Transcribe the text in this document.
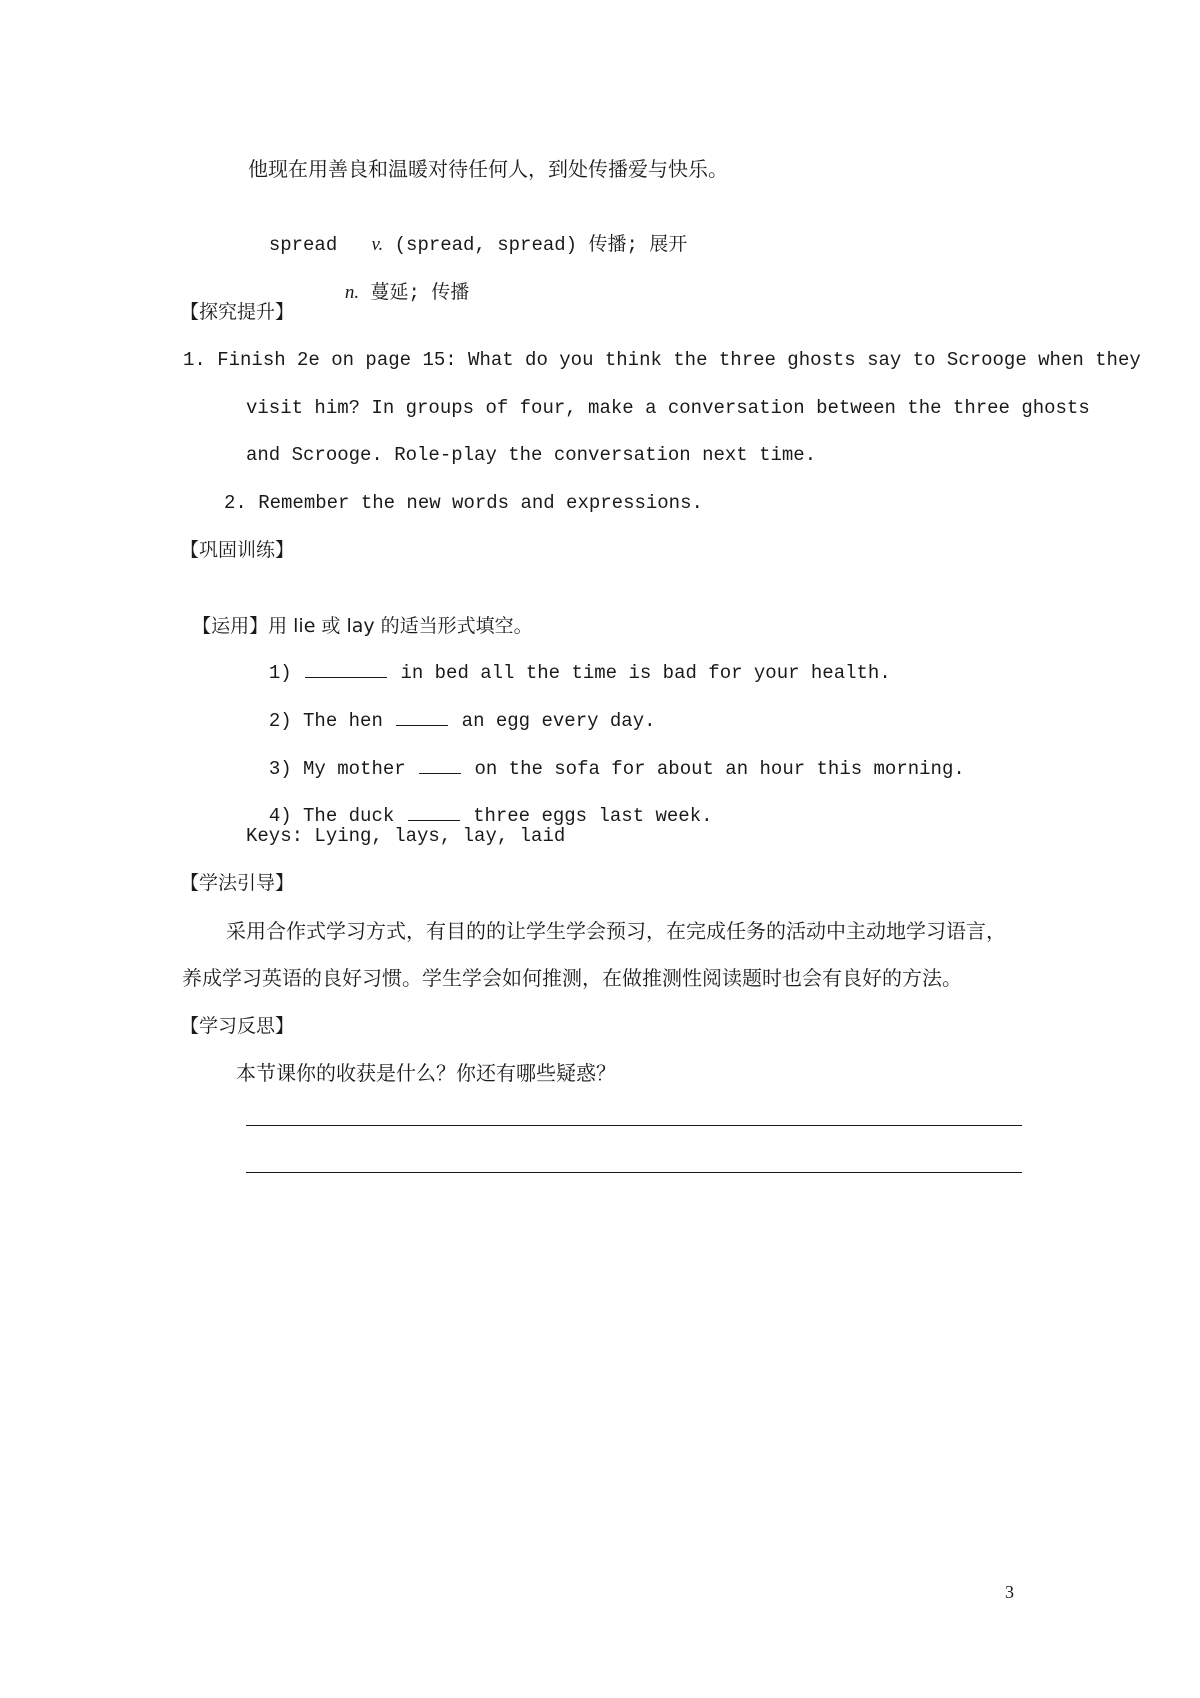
他现在用善良和温暖对待任何人，到处传播爱与快乐。

spread v. (spread, spread) 传播; 展开

n. 蔓延; 传播

【探究提升】
1. Finish 2e on page 15: What do you think the three ghosts say to Scrooge when they
visit him? In groups of four, make a conversation between the three ghosts
and Scrooge. Role-play the conversation next time.
2. Remember the new words and expressions.
【巩固训练】

【运用】用 lie 或 lay 的适当形式填空。

1)	in bed all the time is bad for your health.

2) The hen	an egg every day.

3) My mother	on the sofa for about an hour this morning.

4) The duck	three eggs last week.

Keys: Lying, lays, lay, laid
【学法引导】
采用合作式学习方式，有目的的让学生学会预习，在完成任务的活动中主动地学习语言，
养成学习英语的良好习惯。学生学会如何推测，在做推测性阅读题时也会有良好的方法。
【学习反思】
本节课你的收获是什么？你还有哪些疑惑？
3
